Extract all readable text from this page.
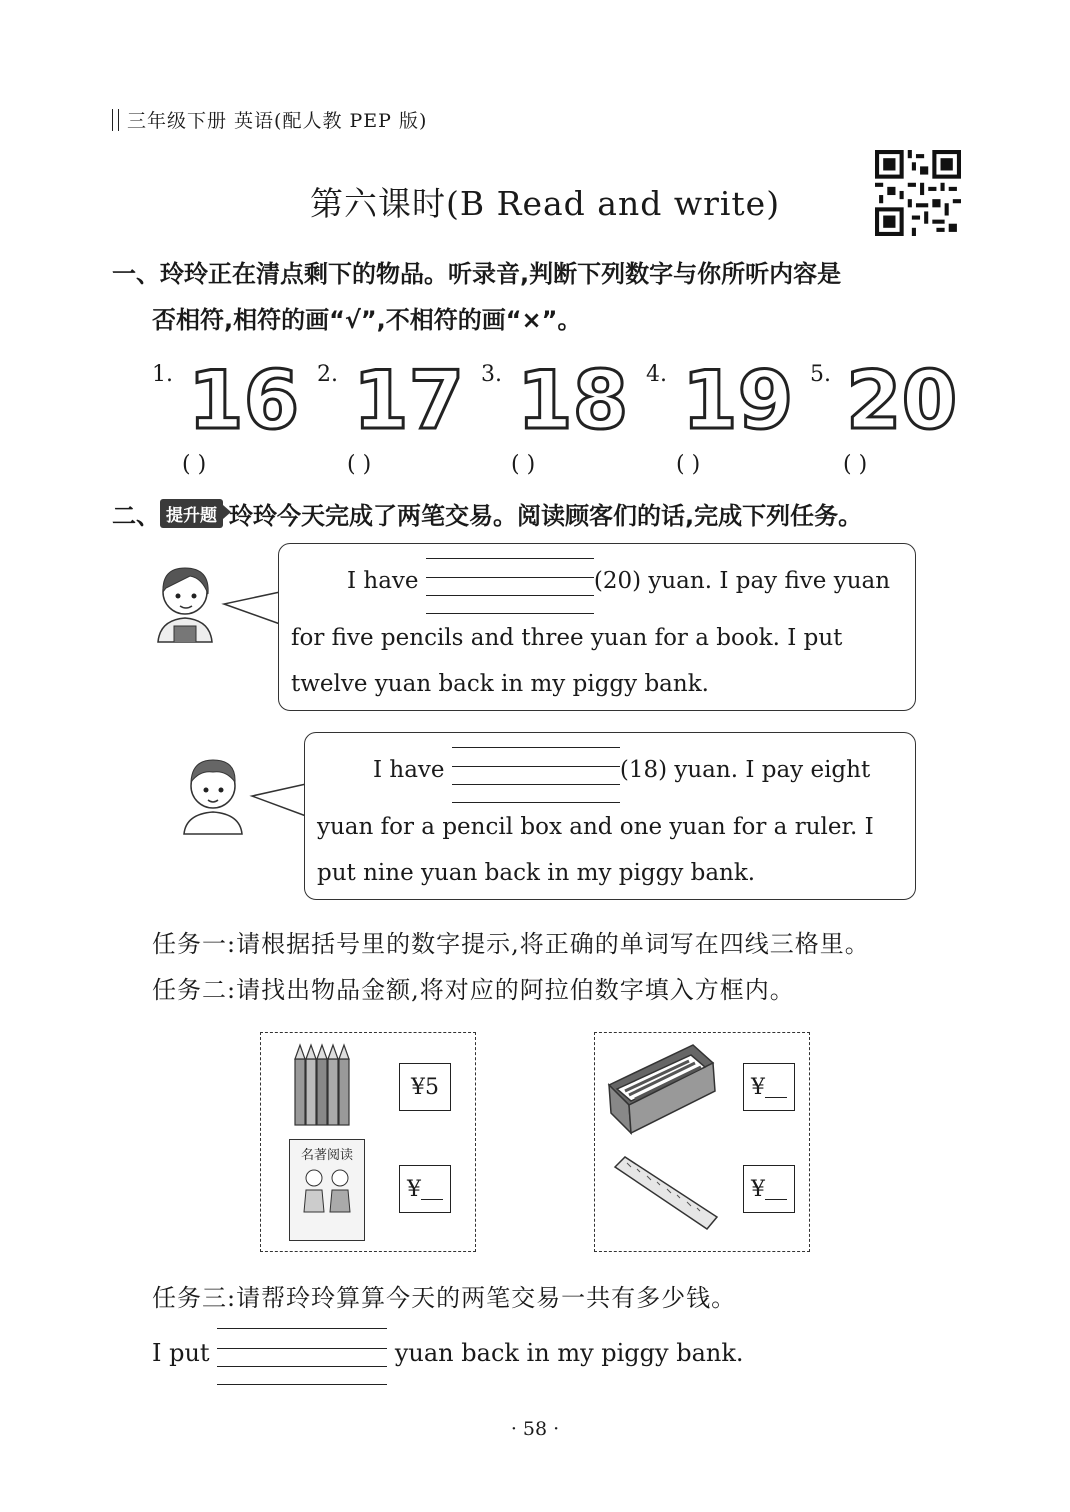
三年级下册 英语(配人教 PEP 版)
第六课时(B Read and write)
一、玲玲正在清点剩下的物品。听录音,判断下列数字与你所听内容是
否相符,相符的画“√”,不相符的画“×”。
1. 16 2. 17 3. 18 4. 19 5. 20
( )	( )	( )	( )	( )
二、 提升题 玲玲今天完成了两笔交易。阅读顾客们的话,完成下列任务。
I have	(20) yuan. I pay five yuan
for five pencils and three yuan for a book. I put
twelve yuan back in my piggy bank.
I have	(18) yuan. I pay eight
yuan for a pencil box and one yuan for a ruler. I
put nine yuan back in my piggy bank.
任务一:请根据括号里的数字提示,将正确的单词写在四线三格里。
任务二:请找出物品金额,将对应的阿拉伯数字填入方框内。
¥5
名著阅读
¥
¥
¥
任务三:请帮玲玲算算今天的两笔交易一共有多少钱。
I put	yuan back in my piggy bank.
· 58 ·
